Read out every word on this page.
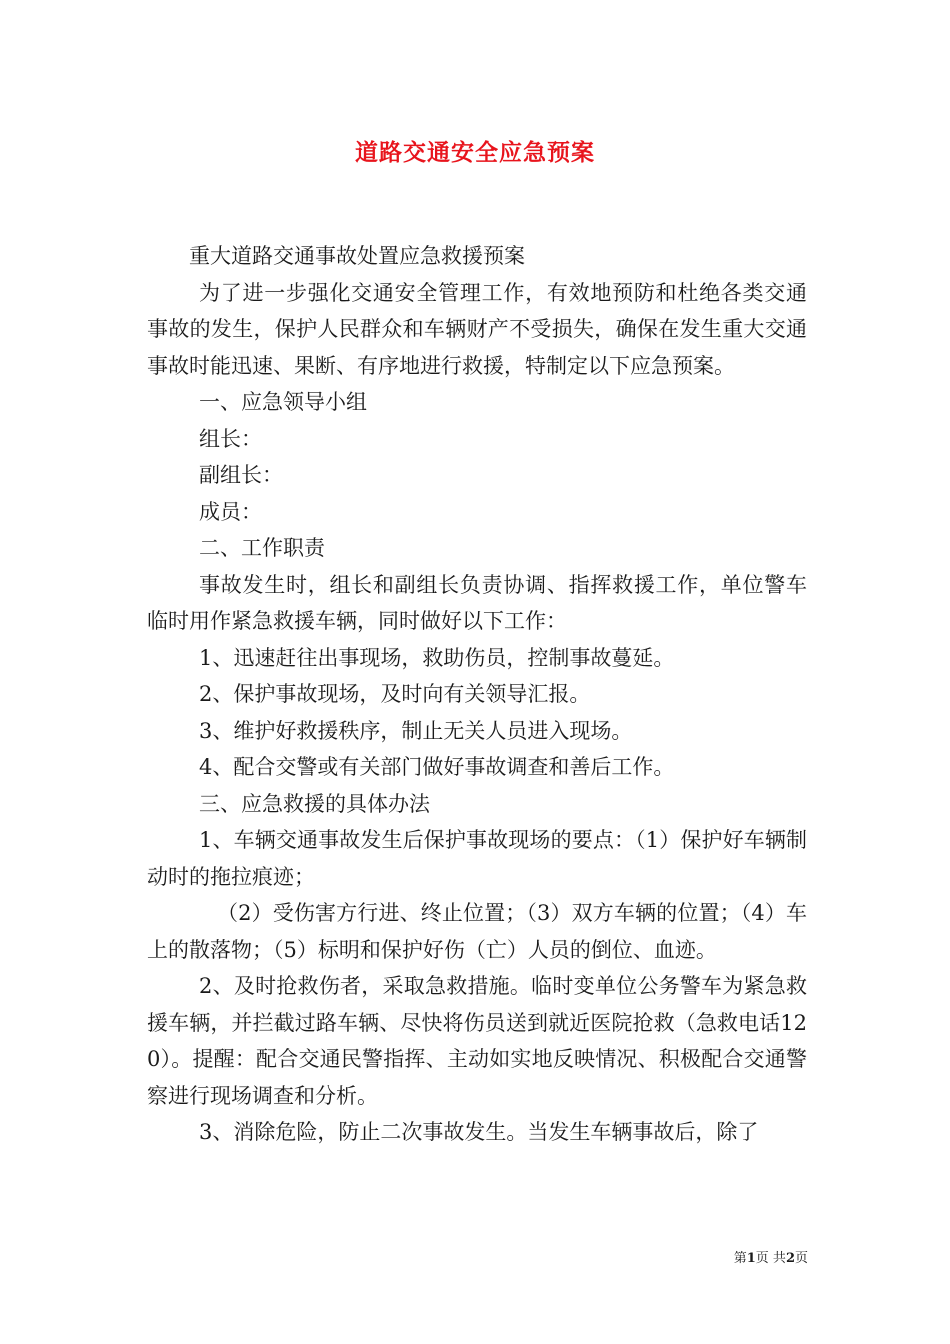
道路交通安全应急预案

重大道路交通事故处置应急救援预案

为了进一步强化交通安全管理工作，有效地预防和杜绝各类交通事故的发生，保护人民群众和车辆财产不受损失，确保在发生重大交通事故时能迅速、果断、有序地进行救援，特制定以下应急预案。

一、应急领导小组

组长：

副组长：

成员：

二、工作职责

事故发生时，组长和副组长负责协调、指挥救援工作，单位警车临时用作紧急救援车辆，同时做好以下工作：

1、迅速赶往出事现场，救助伤员，控制事故蔓延。

2、保护事故现场，及时向有关领导汇报。

3、维护好救援秩序，制止无关人员进入现场。

4、配合交警或有关部门做好事故调查和善后工作。

三、应急救援的具体办法

1、车辆交通事故发生后保护事故现场的要点：（1）保护好车辆制动时的拖拉痕迹；

（2）受伤害方行进、终止位置；（3）双方车辆的位置；（4）车上的散落物；（5）标明和保护好伤（亡）人员的倒位、血迹。

2、及时抢救伤者，采取急救措施。临时变单位公务警车为紧急救援车辆，并拦截过路车辆、尽快将伤员送到就近医院抢救（急救电话120）。提醒：配合交通民警指挥、主动如实地反映情况、积极配合交通警察进行现场调查和分析。

3、消除危险，防止二次事故发生。当发生车辆事故后，除了

第1页 共2页
